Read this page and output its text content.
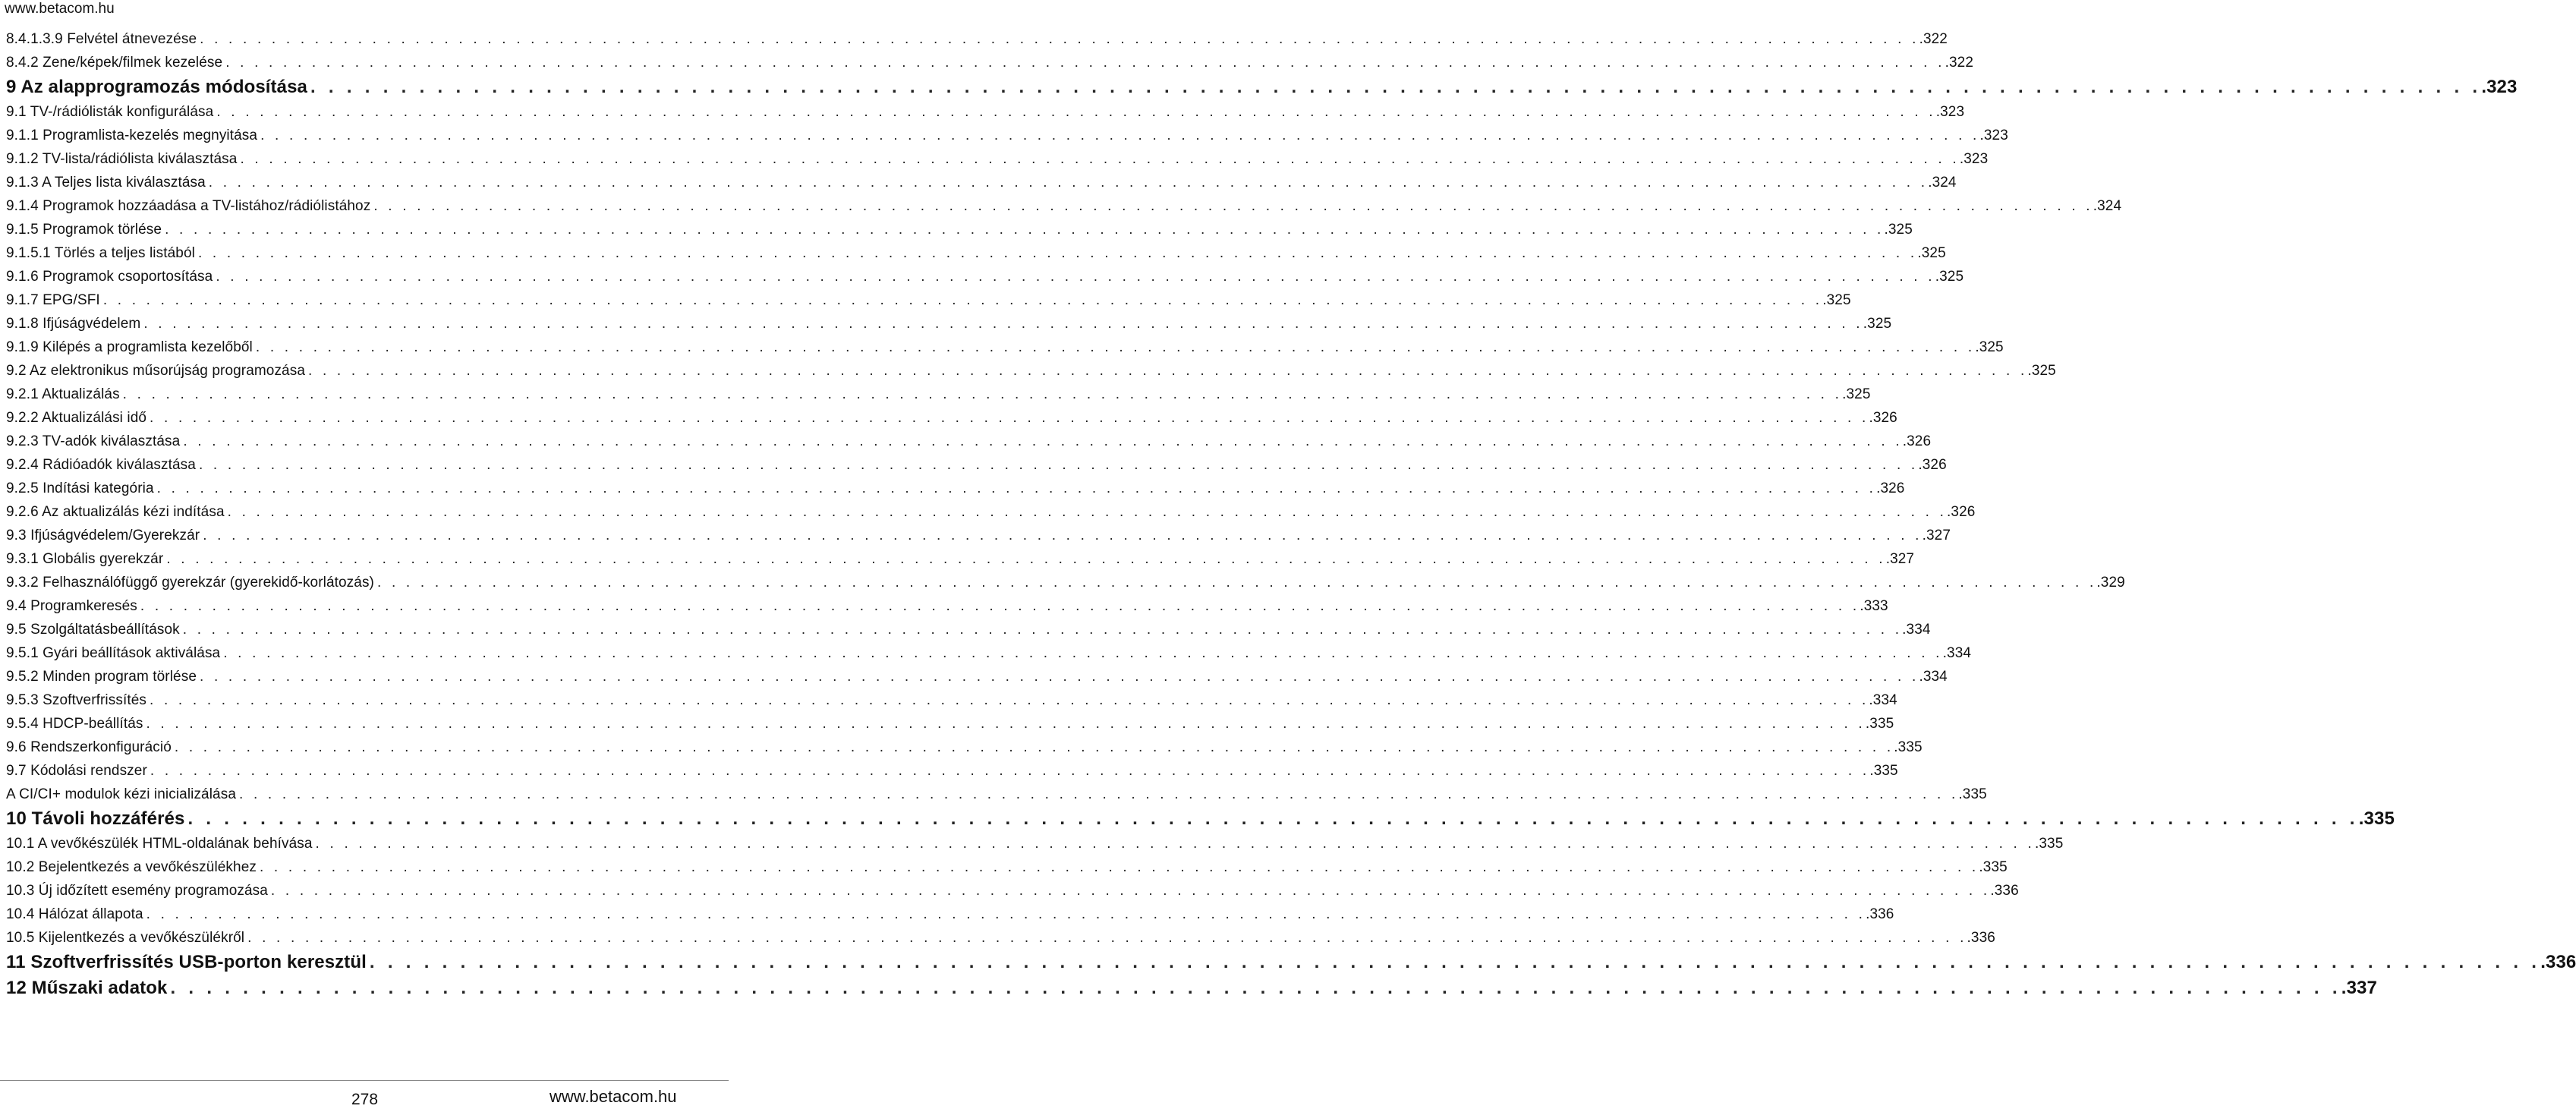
www.betacom.hu
8.4.1.3.9 Felvétel átnevezése . . . . . . . . . . . . . . . . . . . . . . . . . . . . . . . . . . . . . . . . . . . . . . . . . . . . . . . . . . . . . . . . . . . . . . . . . . . . . . . . . . . . . . . . . . . . . . . . . . . . . . . . . . . . . . . . . . . . . . . . .322
8.4.2 Zene/képek/filmek kezelése . . . . . . . . . . . . . . . . . . . . . . . . . . . . . . . . . . . . . . . . . . . . . . . . . . . . . . . . . . . . . . . . . . . . . . . . . . . . . . . . . . . . . . . . . . . . . . . . . . . . . . . . . . . . . . . . . . . . . . . . .322
9 Az alapprogramozás módosítása . . . . . . . . . . . . . . . . . . . . . . . . . . . . . . . . . . . . . . . . . . . . . . . . . . . . . . . . . . . . . . . . . . . . . . . . . . . . . . . . . . . . . . . . . . . . . . . . . . . . . . . . . . . . . . . . . . . . . . . . .323
9.1 TV-/rádiólisták konfigurálása . . . . . . . . . . . . . . . . . . . . . . . . . . . . . . . . . . . . . . . . . . . . . . . . . . . . . . . . . . . . . . . . . . . . . . . . . . . . . . . . . . . . . . . . . . . . . . . . . . . . . . . . . . . . . . . . . . . . . . . . .323
9.1.1 Programlista-kezelés megnyitása . . . . . . . . . . . . . . . . . . . . . . . . . . . . . . . . . . . . . . . . . . . . . . . . . . . . . . . . . . . . . . . . . . . . . . . . . . . . . . . . . . . . . . . . . . . . . . . . . . . . . . . . . . . . . . . . . . . . . . . . .323
9.1.2 TV-lista/rádiólista kiválasztása . . . . . . . . . . . . . . . . . . . . . . . . . . . . . . . . . . . . . . . . . . . . . . . . . . . . . . . . . . . . . . . . . . . . . . . . . . . . . . . . . . . . . . . . . . . . . . . . . . . . . . . . . . . . . . . . . . . . . . . . .323
9.1.3 A Teljes lista kiválasztása . . . . . . . . . . . . . . . . . . . . . . . . . . . . . . . . . . . . . . . . . . . . . . . . . . . . . . . . . . . . . . . . . . . . . . . . . . . . . . . . . . . . . . . . . . . . . . . . . . . . . . . . . . . . . . . . . . . . . . . . .324
9.1.4 Programok hozzáadása a TV-listához/rádiólistához . . . . . . . . . . . . . . . . . . . . . . . . . . . . . . . . . . . . . . . . . . . . . . . . . . . . . . . . . . . . . . . . . . . . . . . . . . . . . . . . . . . . . . . . . . . . . . . . . . . . . . . . . . . . . . . . . . . . . . . . .324
9.1.5 Programok törlése . . . . . . . . . . . . . . . . . . . . . . . . . . . . . . . . . . . . . . . . . . . . . . . . . . . . . . . . . . . . . . . . . . . . . . . . . . . . . . . . . . . . . . . . . . . . . . . . . . . . . . . . . . . . . . . . . . . . . . . . .325
9.1.5.1 Törlés a teljes listából . . . . . . . . . . . . . . . . . . . . . . . . . . . . . . . . . . . . . . . . . . . . . . . . . . . . . . . . . . . . . . . . . . . . . . . . . . . . . . . . . . . . . . . . . . . . . . . . . . . . . . . . . . . . . . . . . . . . . . . . .325
9.1.6 Programok csoportosítása . . . . . . . . . . . . . . . . . . . . . . . . . . . . . . . . . . . . . . . . . . . . . . . . . . . . . . . . . . . . . . . . . . . . . . . . . . . . . . . . . . . . . . . . . . . . . . . . . . . . . . . . . . . . . . . . . . . . . . . . .325
9.1.7 EPG/SFI . . . . . . . . . . . . . . . . . . . . . . . . . . . . . . . . . . . . . . . . . . . . . . . . . . . . . . . . . . . . . . . . . . . . . . . . . . . . . . . . . . . . . . . . . . . . . . . . . . . . . . . . . . . . . . . . . . . . . . . . .325
9.1.8 Ifjúságvédelem . . . . . . . . . . . . . . . . . . . . . . . . . . . . . . . . . . . . . . . . . . . . . . . . . . . . . . . . . . . . . . . . . . . . . . . . . . . . . . . . . . . . . . . . . . . . . . . . . . . . . . . . . . . . . . . . . . . . . . . . .325
9.1.9 Kilépés a programlista kezelőből . . . . . . . . . . . . . . . . . . . . . . . . . . . . . . . . . . . . . . . . . . . . . . . . . . . . . . . . . . . . . . . . . . . . . . . . . . . . . . . . . . . . . . . . . . . . . . . . . . . . . . . . . . . . . . . . . . . . . . . . .325
9.2 Az elektronikus műsorújság programozása . . . . . . . . . . . . . . . . . . . . . . . . . . . . . . . . . . . . . . . . . . . . . . . . . . . . . . . . . . . . . . . . . . . . . . . . . . . . . . . . . . . . . . . . . . . . . . . . . . . . . . . . . . . . . . . . . . . . . . . . .325
9.2.1 Aktualizálás . . . . . . . . . . . . . . . . . . . . . . . . . . . . . . . . . . . . . . . . . . . . . . . . . . . . . . . . . . . . . . . . . . . . . . . . . . . . . . . . . . . . . . . . . . . . . . . . . . . . . . . . . . . . . . . . . . . . . . . . .325
9.2.2 Aktualizálási idő . . . . . . . . . . . . . . . . . . . . . . . . . . . . . . . . . . . . . . . . . . . . . . . . . . . . . . . . . . . . . . . . . . . . . . . . . . . . . . . . . . . . . . . . . . . . . . . . . . . . . . . . . . . . . . . . . . . . . . . . .326
9.2.3 TV-adók kiválasztása . . . . . . . . . . . . . . . . . . . . . . . . . . . . . . . . . . . . . . . . . . . . . . . . . . . . . . . . . . . . . . . . . . . . . . . . . . . . . . . . . . . . . . . . . . . . . . . . . . . . . . . . . . . . . . . . . . . . . . . . .326
9.2.4 Rádióadók kiválasztása . . . . . . . . . . . . . . . . . . . . . . . . . . . . . . . . . . . . . . . . . . . . . . . . . . . . . . . . . . . . . . . . . . . . . . . . . . . . . . . . . . . . . . . . . . . . . . . . . . . . . . . . . . . . . . . . . . . . . . . . .326
9.2.5 Indítási kategória . . . . . . . . . . . . . . . . . . . . . . . . . . . . . . . . . . . . . . . . . . . . . . . . . . . . . . . . . . . . . . . . . . . . . . . . . . . . . . . . . . . . . . . . . . . . . . . . . . . . . . . . . . . . . . . . . . . . . . . . .326
9.2.6 Az aktualizálás kézi indítása . . . . . . . . . . . . . . . . . . . . . . . . . . . . . . . . . . . . . . . . . . . . . . . . . . . . . . . . . . . . . . . . . . . . . . . . . . . . . . . . . . . . . . . . . . . . . . . . . . . . . . . . . . . . . . . . . . . . . . . . .326
9.3 Ifjúságvédelem/Gyerekzár . . . . . . . . . . . . . . . . . . . . . . . . . . . . . . . . . . . . . . . . . . . . . . . . . . . . . . . . . . . . . . . . . . . . . . . . . . . . . . . . . . . . . . . . . . . . . . . . . . . . . . . . . . . . . . . . . . . . . . . . .327
9.3.1 Globális gyerekzár . . . . . . . . . . . . . . . . . . . . . . . . . . . . . . . . . . . . . . . . . . . . . . . . . . . . . . . . . . . . . . . . . . . . . . . . . . . . . . . . . . . . . . . . . . . . . . . . . . . . . . . . . . . . . . . . . . . . . . . . .327
9.3.2 Felhasználófüggő gyerekzár (gyerekidő-korlátozás) . . . . . . . . . . . . . . . . . . . . . . . . . . . . . . . . . . . . . . . . . . . . . . . . . . . . . . . . . . . . . . . . . . . . . . . . . . . . . . . . . . . . . . . . . . . . . . . . . . . . . . . . . . . . . . . . . . . . . . . . .329
9.4 Programkeresés . . . . . . . . . . . . . . . . . . . . . . . . . . . . . . . . . . . . . . . . . . . . . . . . . . . . . . . . . . . . . . . . . . . . . . . . . . . . . . . . . . . . . . . . . . . . . . . . . . . . . . . . . . . . . . . . . . . . . . . . .333
9.5 Szolgáltatásbeállítások . . . . . . . . . . . . . . . . . . . . . . . . . . . . . . . . . . . . . . . . . . . . . . . . . . . . . . . . . . . . . . . . . . . . . . . . . . . . . . . . . . . . . . . . . . . . . . . . . . . . . . . . . . . . . . . . . . . . . . . . .334
9.5.1 Gyári beállítások aktiválása . . . . . . . . . . . . . . . . . . . . . . . . . . . . . . . . . . . . . . . . . . . . . . . . . . . . . . . . . . . . . . . . . . . . . . . . . . . . . . . . . . . . . . . . . . . . . . . . . . . . . . . . . . . . . . . . . . . . . . . . .334
9.5.2 Minden program törlése . . . . . . . . . . . . . . . . . . . . . . . . . . . . . . . . . . . . . . . . . . . . . . . . . . . . . . . . . . . . . . . . . . . . . . . . . . . . . . . . . . . . . . . . . . . . . . . . . . . . . . . . . . . . . . . . . . . . . . . . .334
9.5.3 Szoftverfrissítés . . . . . . . . . . . . . . . . . . . . . . . . . . . . . . . . . . . . . . . . . . . . . . . . . . . . . . . . . . . . . . . . . . . . . . . . . . . . . . . . . . . . . . . . . . . . . . . . . . . . . . . . . . . . . . . . . . . . . . . . .334
9.5.4 HDCP-beállítás . . . . . . . . . . . . . . . . . . . . . . . . . . . . . . . . . . . . . . . . . . . . . . . . . . . . . . . . . . . . . . . . . . . . . . . . . . . . . . . . . . . . . . . . . . . . . . . . . . . . . . . . . . . . . . . . . . . . . . . . .335
9.6 Rendszerkonfiguráció . . . . . . . . . . . . . . . . . . . . . . . . . . . . . . . . . . . . . . . . . . . . . . . . . . . . . . . . . . . . . . . . . . . . . . . . . . . . . . . . . . . . . . . . . . . . . . . . . . . . . . . . . . . . . . . . . . . . . . . . .335
9.7 Kódolási rendszer . . . . . . . . . . . . . . . . . . . . . . . . . . . . . . . . . . . . . . . . . . . . . . . . . . . . . . . . . . . . . . . . . . . . . . . . . . . . . . . . . . . . . . . . . . . . . . . . . . . . . . . . . . . . . . . . . . . . . . . . .335
A CI/CI+ modulok kézi inicializálása . . . . . . . . . . . . . . . . . . . . . . . . . . . . . . . . . . . . . . . . . . . . . . . . . . . . . . . . . . . . . . . . . . . . . . . . . . . . . . . . . . . . . . . . . . . . . . . . . . . . . . . . . . . . . . . . . . . . . . . . .335
10 Távoli hozzáférés . . . . . . . . . . . . . . . . . . . . . . . . . . . . . . . . . . . . . . . . . . . . . . . . . . . . . . . . . . . . . . . . . . . . . . . . . . . . . . . . . . . . . . . . . . . . . . . . . . . . . . . . . . . . . . . . . . . . . . . . .335
10.1 A vevőkészülék HTML-oldalának behívása . . . . . . . . . . . . . . . . . . . . . . . . . . . . . . . . . . . . . . . . . . . . . . . . . . . . . . . . . . . . . . . . . . . . . . . . . . . . . . . . . . . . . . . . . . . . . . . . . . . . . . . . . . . . . . . . . . . . . . . . .335
10.2 Bejelentkezés a vevőkészülékhez . . . . . . . . . . . . . . . . . . . . . . . . . . . . . . . . . . . . . . . . . . . . . . . . . . . . . . . . . . . . . . . . . . . . . . . . . . . . . . . . . . . . . . . . . . . . . . . . . . . . . . . . . . . . . . . . . . . . . . . . .335
10.3 Új időzített esemény programozása . . . . . . . . . . . . . . . . . . . . . . . . . . . . . . . . . . . . . . . . . . . . . . . . . . . . . . . . . . . . . . . . . . . . . . . . . . . . . . . . . . . . . . . . . . . . . . . . . . . . . . . . . . . . . . . . . . . . . . . . .336
10.4 Hálózat állapota . . . . . . . . . . . . . . . . . . . . . . . . . . . . . . . . . . . . . . . . . . . . . . . . . . . . . . . . . . . . . . . . . . . . . . . . . . . . . . . . . . . . . . . . . . . . . . . . . . . . . . . . . . . . . . . . . . . . . . . . .336
10.5 Kijelentkezés a vevőkészülékről . . . . . . . . . . . . . . . . . . . . . . . . . . . . . . . . . . . . . . . . . . . . . . . . . . . . . . . . . . . . . . . . . . . . . . . . . . . . . . . . . . . . . . . . . . . . . . . . . . . . . . . . . . . . . . . . . . . . . . . . .336
11 Szoftverfrissítés USB-porton keresztül . . . . . . . . . . . . . . . . . . . . . . . . . . . . . . . . . . . . . . . . . . . . . . . . . . . . . . . . . . . . . . . . . . . . . . . . . . . . . . . . . . . . . . . . . . . . . . . . . . . . . . . . . . . . . . . . . . . . . . . . .336
12 Műszaki adatok . . . . . . . . . . . . . . . . . . . . . . . . . . . . . . . . . . . . . . . . . . . . . . . . . . . . . . . . . . . . . . . . . . . . . . . . . . . . . . . . . . . . . . . . . . . . . . . . . . . . . . . . . . . . . . . . . . . . . . . . .337
278	www.betacom.hu
